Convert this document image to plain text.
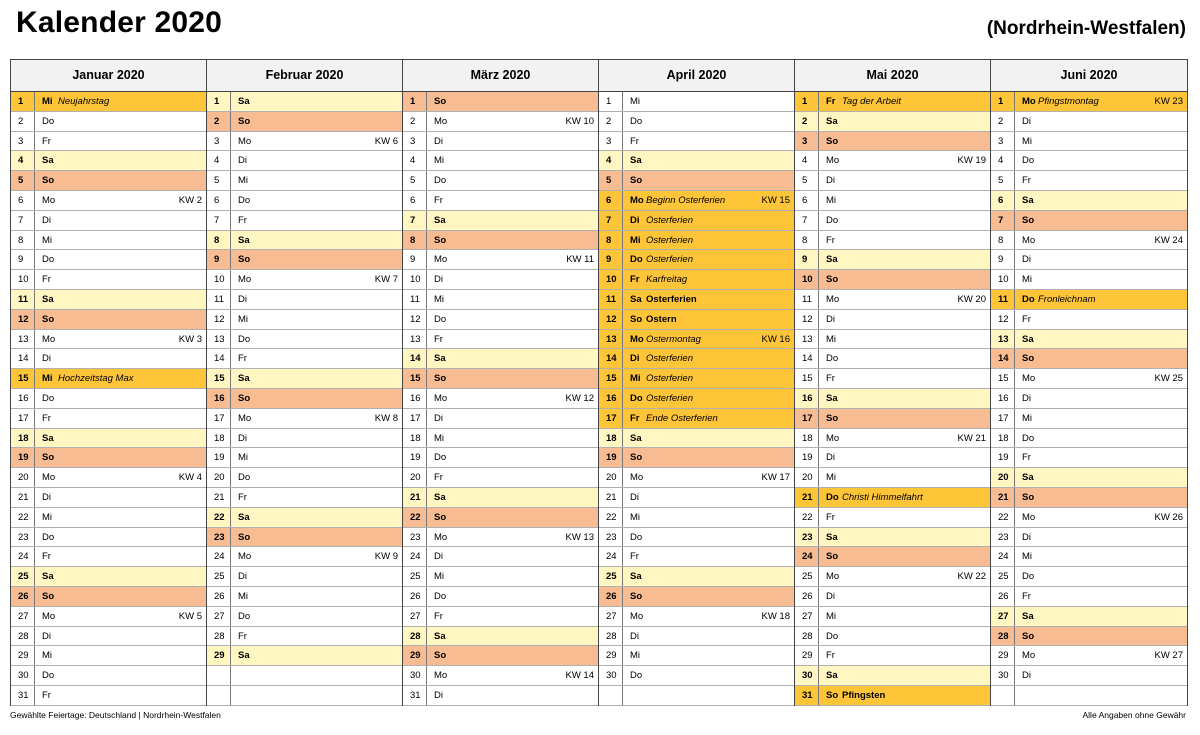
Kalender 2020	(Nordrhein-Westfalen)
Januar 2020
1	Mi Neujahrstag
2	Do
3	Fr
4	Sa
5	So
6	Mo	KW 2
7	Di
8	Mi
9	Do
10	Fr
11	Sa
12	So
13	Mo	KW 3
14	Di
15	Mi Hochzeitstag Max
16	Do
17	Fr
18	Sa
19	So
20	Mo	KW 4
21	Di
22	Mi
23	Do
24	Fr
25	Sa
26	So
27	Mo	KW 5
28	Di
29	Mi
30	Do
31	Fr
Februar 2020
1	Sa
2	So
3	Mo	KW 6
4	Di
5	Mi
6	Do
7	Fr
8	Sa
9	So
10	Mo	KW 7
11	Di
12	Mi
13	Do
14	Fr
15	Sa
16	So
17	Mo	KW 8
18	Di
19	Mi
20	Do
21	Fr
22	Sa
23	So
24	Mo	KW 9
25	Di
26	Mi
27	Do
28	Fr
29	Sa
März 2020
1	So
2	Mo	KW 10
3	Di
4	Mi
5	Do
6	Fr
7	Sa
8	So
9	Mo	KW 11
10	Di
11	Mi
12	Do
13	Fr
14	Sa
15	So
16	Mo	KW 12
17	Di
18	Mi
19	Do
20	Fr
21	Sa
22	So
23	Mo	KW 13
24	Di
25	Mi
26	Do
27	Fr
28	Sa
29	So
30	Mo	KW 14
31	Di
April 2020
1	Mi
2	Do
3	Fr
4	Sa
5	So
6	Mo Beginn Osterferien	KW 15
7	Di Osterferien
8	Mi Osterferien
9	Do Osterferien
10	Fr Karfreitag
11	Sa Osterferien
12	So Ostern
13	Mo Ostermontag	KW 16
14	Di Osterferien
15	Mi Osterferien
16	Do Osterferien
17	Fr Ende Osterferien
18	Sa
19	So
20	Mo	KW 17
21	Di
22	Mi
23	Do
24	Fr
25	Sa
26	So
27	Mo	KW 18
28	Di
29	Mi
30	Do
Mai 2020
1	Fr Tag der Arbeit
2	Sa
3	So
4	Mo	KW 19
5	Di
6	Mi
7	Do
8	Fr
9	Sa
10	So
11	Mo	KW 20
12	Di
13	Mi
14	Do
15	Fr
16	Sa
17	So
18	Mo	KW 21
19	Di
20	Mi
21	Do Christi Himmelfahrt
22	Fr
23	Sa
24	So
25	Mo	KW 22
26	Di
27	Mi
28	Do
29	Fr
30	Sa
31	So Pfingsten
Juni 2020
1	Mo Pfingstmontag	KW 23
2	Di
3	Mi
4	Do
5	Fr
6	Sa
7	So
8	Mo	KW 24
9	Di
10	Mi
11	Do Fronleichnam
12	Fr
13	Sa
14	So
15	Mo	KW 25
16	Di
17	Mi
18	Do
19	Fr
20	Sa
21	So
22	Mo	KW 26
23	Di
24	Mi
25	Do
26	Fr
27	Sa
28	So
29	Mo	KW 27
30	Di
Gewählte Feiertage: Deutschland | Nordrhein-Westfalen	Alle Angaben ohne Gewähr
